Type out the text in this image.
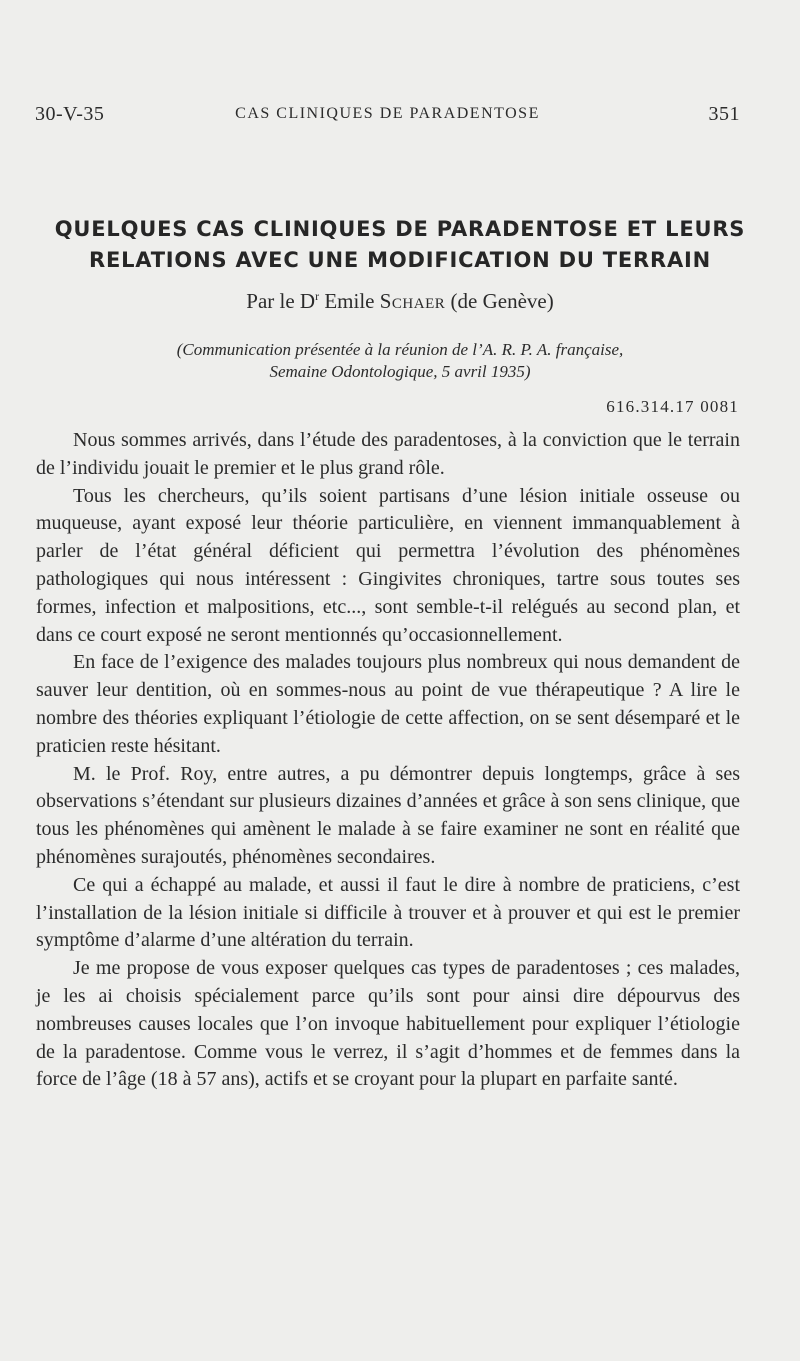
30-V-35	CAS CLINIQUES DE PARADENTOSE	351
QUELQUES CAS CLINIQUES DE PARADENTOSE ET LEURS
RELATIONS AVEC UNE MODIFICATION DU TERRAIN
Par le $D^r$ Emile Schaer (de Genève)
(Communication présentée à la réunion de l’A. R. P. A. française,
Semaine Odontologique, 5 avril 1935)
616.314.17 0081

Nous sommes arrivés, dans l’étude des paradentoses, à la conviction que le terrain de l’individu jouait le premier et le plus grand rôle.

Tous les chercheurs, qu’ils soient partisans d’une lésion initiale osseuse ou muqueuse, ayant exposé leur théorie particulière, en viennent immanquablement à parler de l’état général déficient qui permettra l’évolution des phénomènes pathologiques qui nous intéressent : Gingivites chroniques, tartre sous toutes ses formes, infection et malpositions, etc..., sont semble-t-il relégués au second plan, et dans ce court exposé ne seront mentionnés qu’occasionnellement.

En face de l’exigence des malades toujours plus nombreux qui nous demandent de sauver leur dentition, où en sommes-nous au point de vue thérapeutique ? A lire le nombre des théories expliquant l’étiologie de cette affection, on se sent désemparé et le praticien reste hésitant.

M. le Prof. Roy, entre autres, a pu démontrer depuis longtemps, grâce à ses observations s’étendant sur plusieurs dizaines d’années et grâce à son sens clinique, que tous les phénomènes qui amènent le malade à se faire examiner ne sont en réalité que phénomènes surajoutés, phénomènes secondaires.

Ce qui a échappé au malade, et aussi il faut le dire à nombre de praticiens, c’est l’installation de la lésion initiale si difficile à trouver et à prouver et qui est le premier symptôme d’alarme d’une altération du terrain.

Je me propose de vous exposer quelques cas types de paradentoses ; ces malades, je les ai choisis spécialement parce qu’ils sont pour ainsi dire dépourvus des nombreuses causes locales que l’on invoque habituellement pour expliquer l’étiologie de la paradentose. Comme vous le verrez, il s’agit d’hommes et de femmes dans la force de l’âge (18 à 57 ans), actifs et se croyant pour la plupart en parfaite santé.
